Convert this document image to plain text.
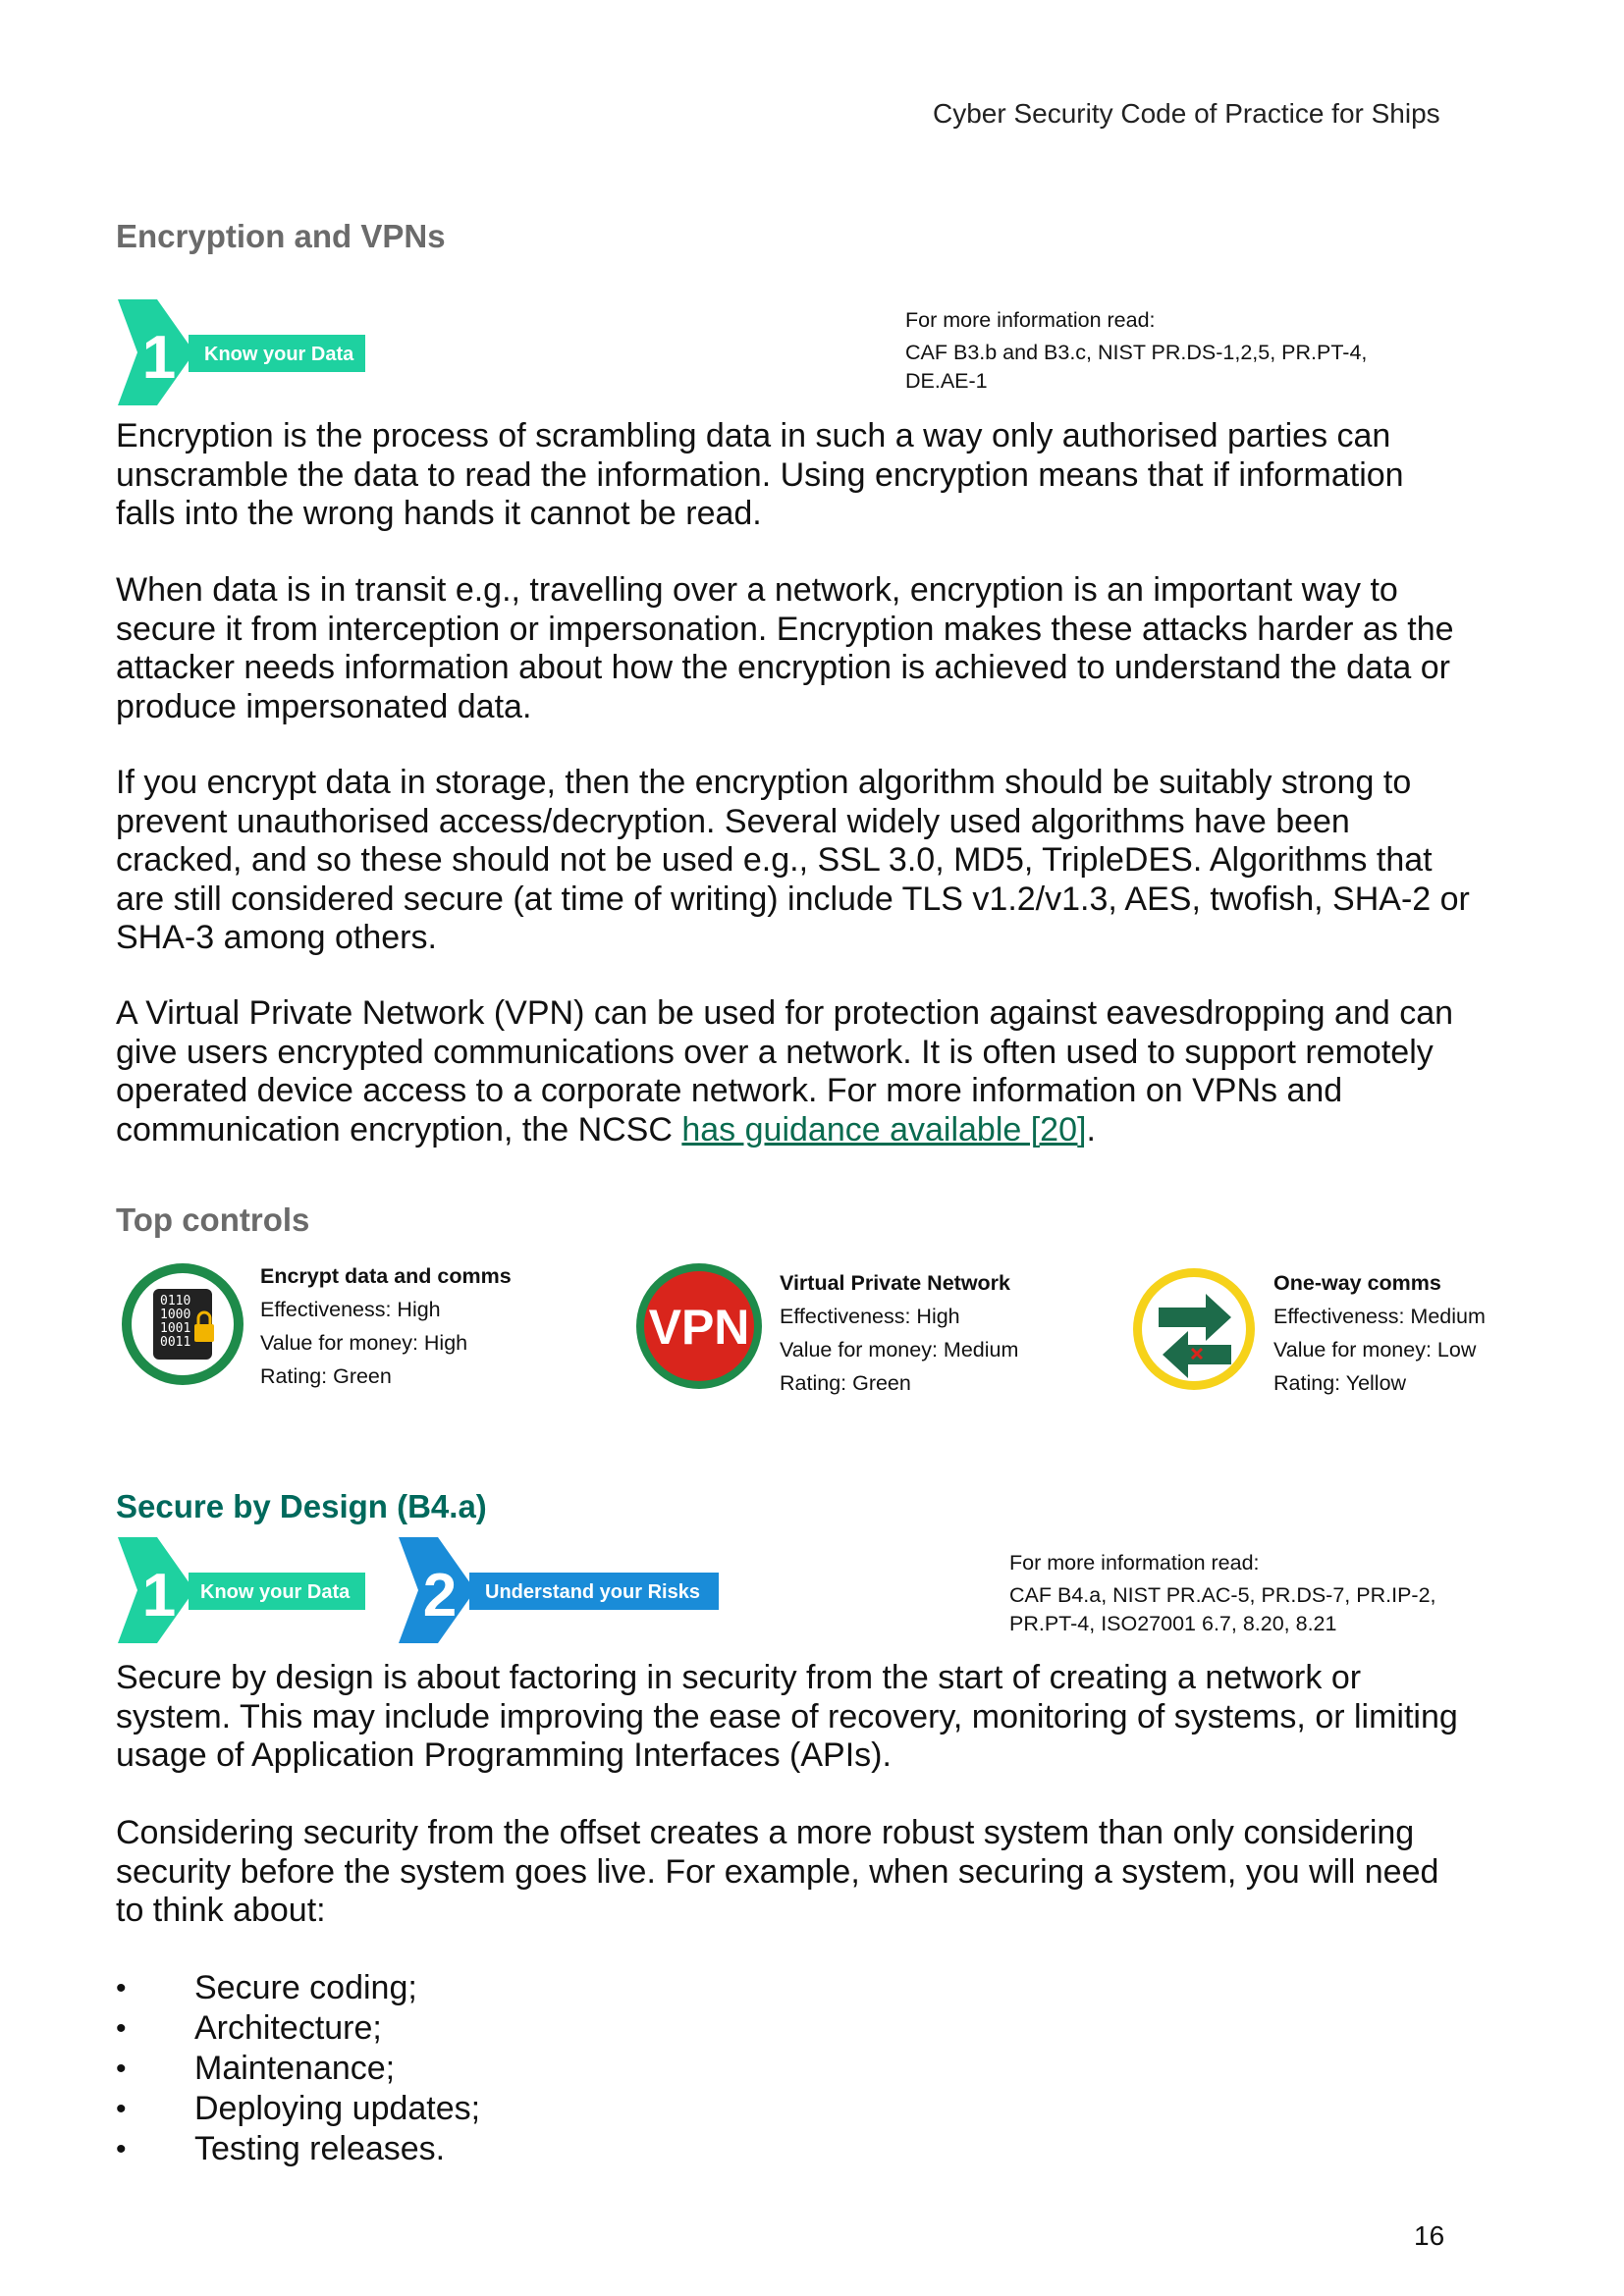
Cyber Security Code of Practice for Ships
Encryption and VPNs
1 Know your Data
For more information read:
CAF B3.b and B3.c, NIST PR.DS-1,2,5, PR.PT-4, DE.AE-1
Encryption is the process of scrambling data in such a way only authorised parties can unscramble the data to read the information. Using encryption means that if information falls into the wrong hands it cannot be read.
When data is in transit e.g., travelling over a network, encryption is an important way to secure it from interception or impersonation. Encryption makes these attacks harder as the attacker needs information about how the encryption is achieved to understand the data or produce impersonated data.
If you encrypt data in storage, then the encryption algorithm should be suitably strong to prevent unauthorised access/decryption. Several widely used algorithms have been cracked, and so these should not be used e.g., SSL 3.0, MD5, TripleDES. Algorithms that are still considered secure (at time of writing) include TLS v1.2/v1.3, AES, twofish, SHA-2 or SHA-3 among others.
A Virtual Private Network (VPN) can be used for protection against eavesdropping and can give users encrypted communications over a network. It is often used to support remotely operated device access to a corporate network. For more information on VPNs and communication encryption, the NCSC has guidance available [20].
Top controls
0110
1000
1001
0011
Encrypt data and comms
Effectiveness: High
Value for money: High
Rating: Green
VPN
Virtual Private Network
Effectiveness: High
Value for money: Medium
Rating: Green
One-way comms
Effectiveness: Medium
Value for money: Low
Rating: Yellow
Secure by Design (B4.a)
1 Know your Data 2 Understand your Risks
For more information read:
CAF B4.a, NIST PR.AC-5, PR.DS-7, PR.IP-2, PR.PT-4, ISO27001 6.7, 8.20, 8.21
Secure by design is about factoring in security from the start of creating a network or system. This may include improving the ease of recovery, monitoring of systems, or limiting usage of Application Programming Interfaces (APIs).
Considering security from the offset creates a more robust system than only considering security before the system goes live. For example, when securing a system, you will need to think about:
• Secure coding;
• Architecture;
• Maintenance;
• Deploying updates;
• Testing releases.
16
